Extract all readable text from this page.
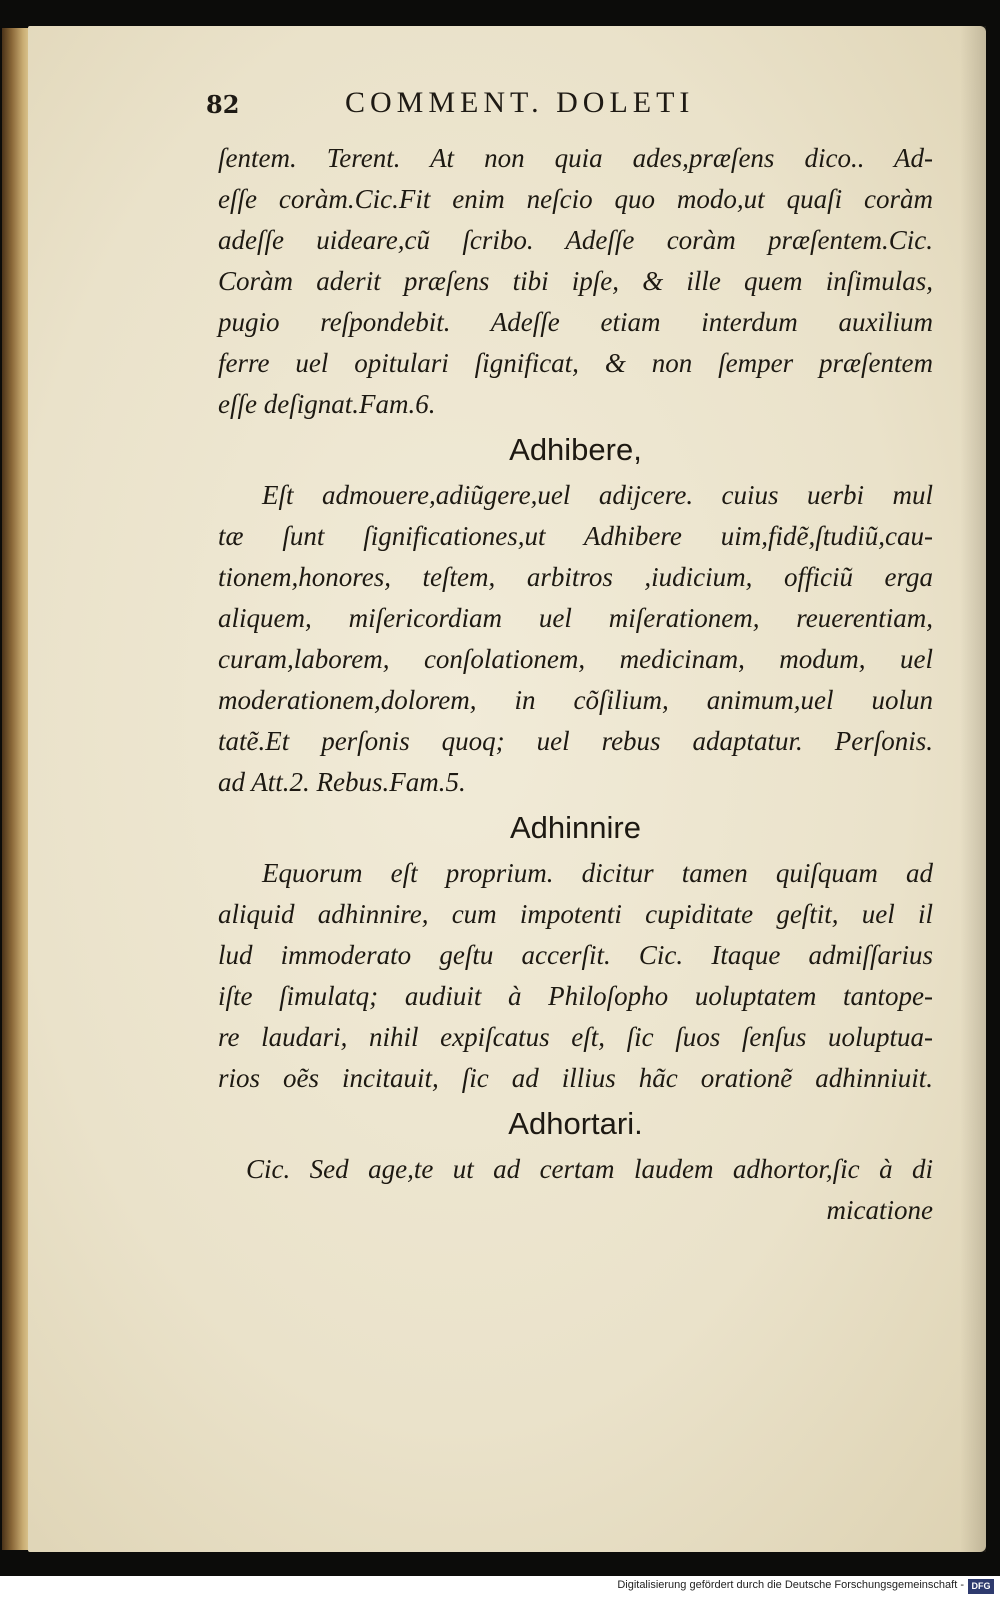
82	COMMENT. DOLETI
ſentem. Terent. At non quia ades,præſens dico.. Ad-
eſſe coràm.Cic.Fit enim neſcio quo modo,ut quaſi coràm
adeſſe uideare,cũ ſcribo. Adeſſe coràm præſentem.Cic.
Coràm aderit præſens tibi ipſe, & ille quem inſimulas,
pugio reſpondebit. Adeſſe etiam interdum auxilium
ferre uel opitulari ſignificat, & non ſemper præſentem
eſſe deſignat.Fam.6.
Adhibere,
Eſt admouere,adiũgere,uel adijcere. cuius uerbi mul
tæ ſunt ſignificationes,ut Adhibere uim,fidẽ,ſtudiũ,cau-
tionem,honores, teſtem, arbitros ,iudicium, officiũ erga
aliquem, miſericordiam uel miſerationem, reuerentiam,
curam,laborem, conſolationem, medicinam, modum, uel
moderationem,dolorem, in cõſilium, animum,uel uolun
tatẽ.Et perſonis quoq; uel rebus adaptatur. Perſonis.
ad Att.2. Rebus.Fam.5.
Adhinnire
Equorum eſt proprium. dicitur tamen quiſquam ad
aliquid adhinnire, cum impotenti cupiditate geſtit, uel il
lud immoderato geſtu accerſit. Cic. Itaque admiſſarius
iſte ſimulatq; audiuit à Philoſopho uoluptatem tantope-
re laudari, nihil expiſcatus eſt, ſic ſuos ſenſus uoluptua-
rios oẽs incitauit, ſic ad illius hãc orationẽ adhinniuit.
Adhortari.
Cic. Sed age,te ut ad certam laudem adhortor,ſic à di
micatione
Digitalisierung gefördert durch die Deutsche Forschungsgemeinschaft - DFG
